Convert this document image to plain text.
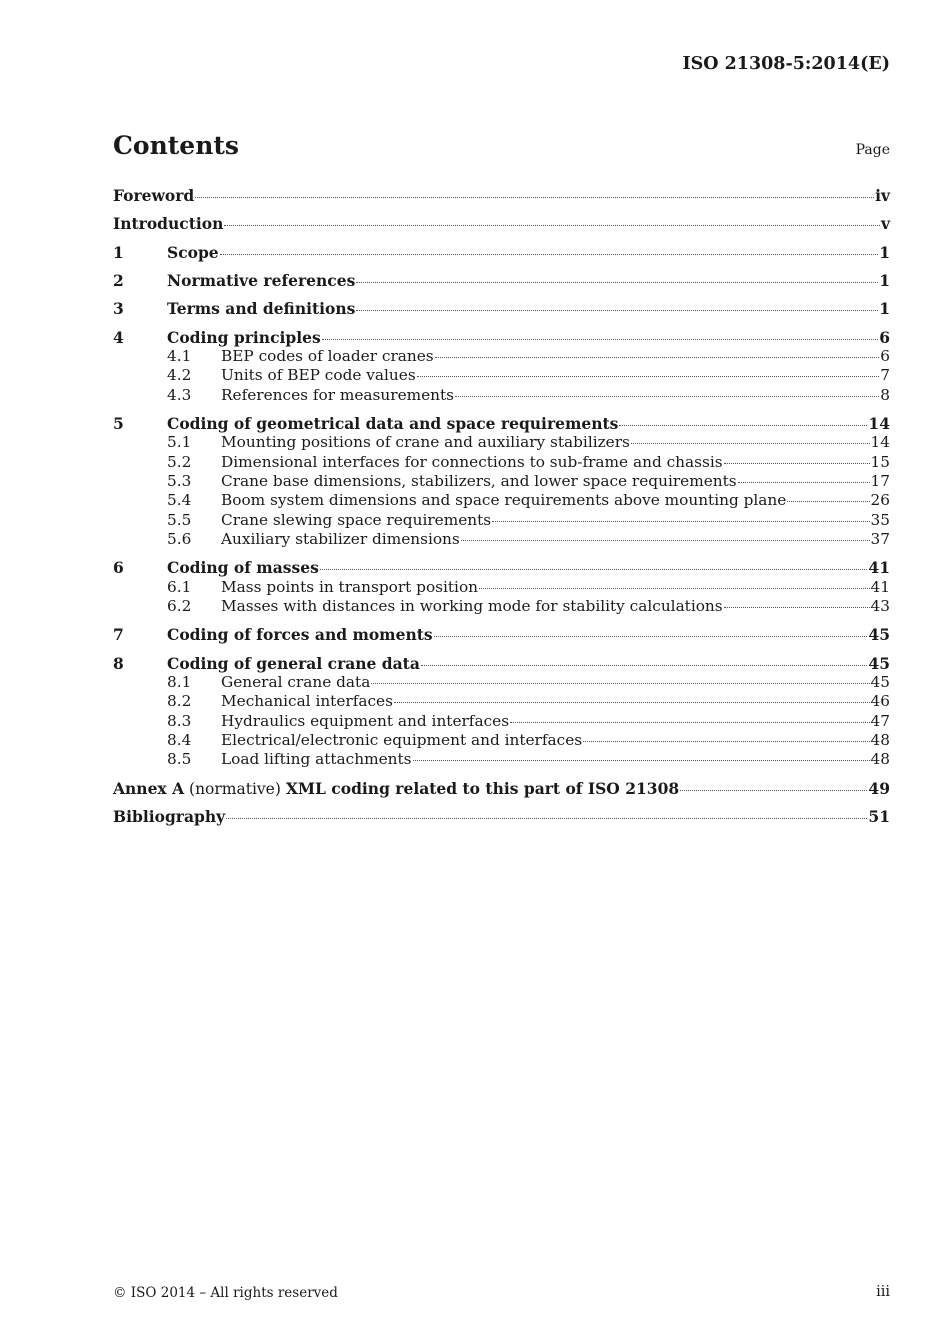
ISO 21308-5:2014(E)
Contents	Page
Foreword	iv
Introduction	v
1	Scope	1
2	Normative references	1
3	Terms and definitions	1
4	Coding principles	6
4.1	BEP codes of loader cranes	6
4.2	Units of BEP code values	7
4.3	References for measurements	8
5	Coding of geometrical data and space requirements	14
5.1	Mounting positions of crane and auxiliary stabilizers	14
5.2	Dimensional interfaces for connections to sub-frame and chassis	15
5.3	Crane base dimensions, stabilizers, and lower space requirements	17
5.4	Boom system dimensions and space requirements above mounting plane	26
5.5	Crane slewing space requirements	35
5.6	Auxiliary stabilizer dimensions	37
6	Coding of masses	41
6.1	Mass points in transport position	41
6.2	Masses with distances in working mode for stability calculations	43
7	Coding of forces and moments	45
8	Coding of general crane data	45
8.1	General crane data	45
8.2	Mechanical interfaces	46
8.3	Hydraulics equipment and interfaces	47
8.4	Electrical/electronic equipment and interfaces	48
8.5	Load lifting attachments	48
Annex A (normative) XML coding related to this part of ISO 21308	49
Bibliography	51
© ISO 2014 – All rights reserved	iii
